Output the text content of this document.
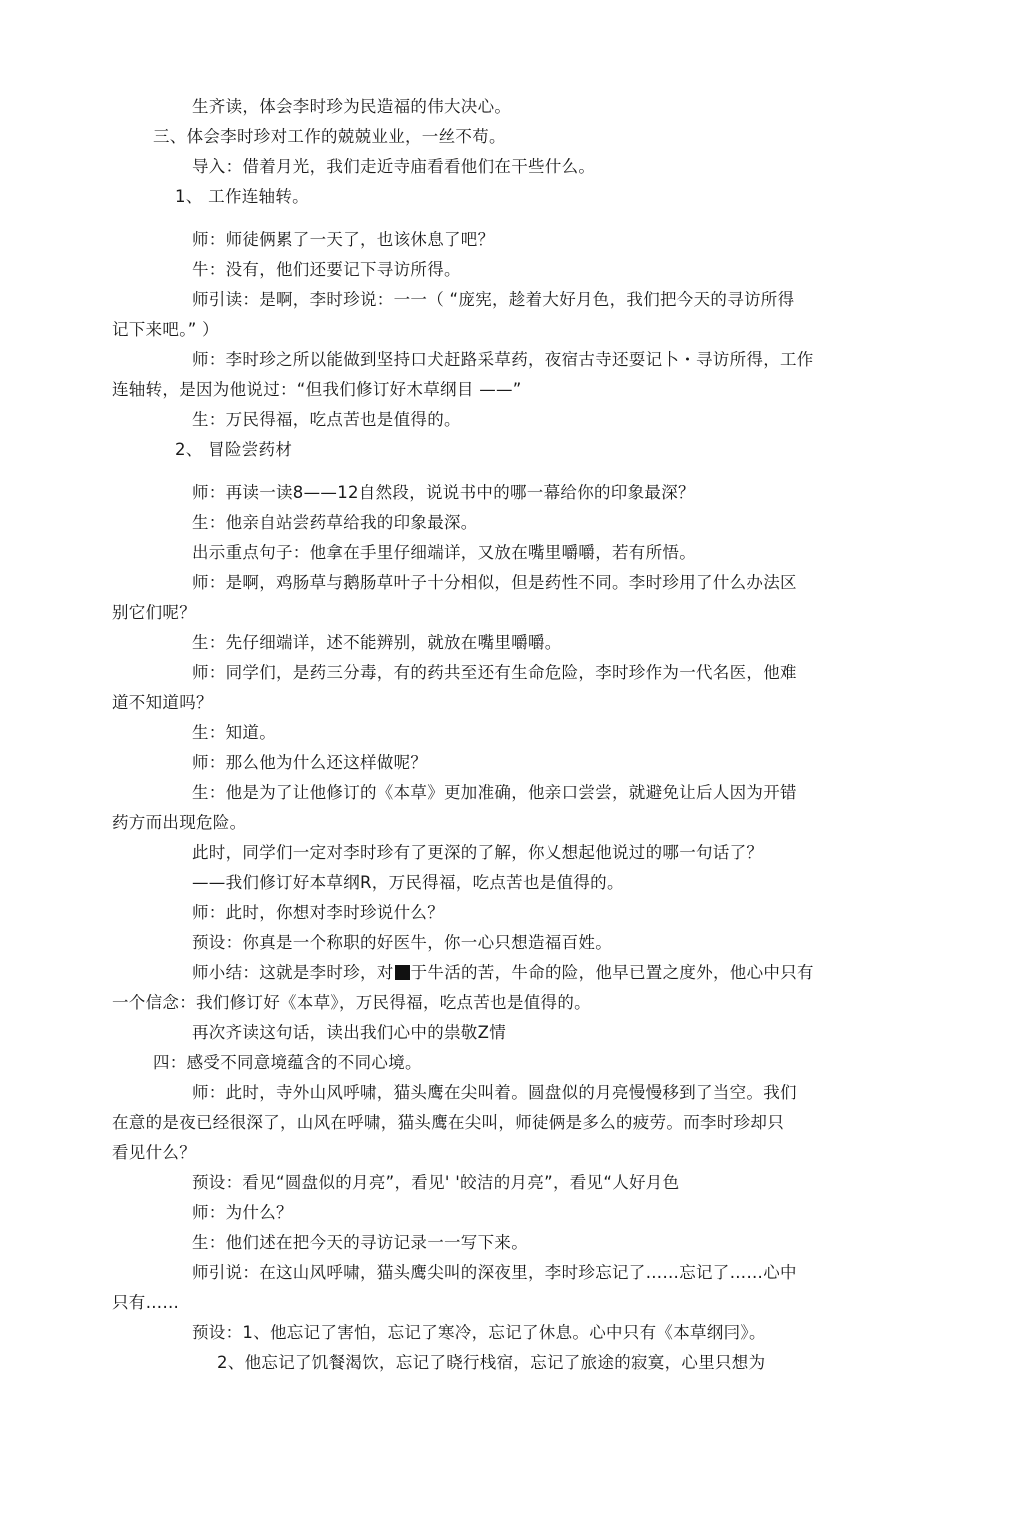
生齐读，体会李时珍为民造福的伟大决心。
三、体会李时珍对工作的兢兢业业，一丝不苟。
导入：借着月光，我们走近寺庙看看他们在干些什么。
1、 工作连轴转。
师：师徒俩累了一天了，也该休息了吧？
牛：没有，他们还要记下寻访所得。
师引读：是啊，李时珍说：一一（ “庞宪，趁着大好月色，我们把今天的寻访所得
记下来吧。” ）
师：李时珍之所以能做到坚持口犬赶路采草药，夜宿古寺还耍记卜・寻访所得，工作
连轴转，是因为他说过：“但我们修订好木草纲目 ——”
生：万民得福，吃点苦也是值得的。
2、 冒险尝药材
师：再读一读8——12自然段，说说书中的哪一幕给你的印象最深？
生：他亲自站尝药草给我的印象最深。
出示重点句子：他拿在手里仔细端详，又放在嘴里嚼嚼，若有所悟。
师：是啊，鸡肠草与鹅肠草叶子十分相似，但是药性不同。李时珍用了什么办法区
别它们呢？
生：先仔细端详，述不能辨别，就放在嘴里嚼嚼。
师：同学们，是药三分毒，有的药共至还有生命危险，李时珍作为一代名医，他难
道不知道吗？
生：知道。
师：那么他为什么还这样做呢？
生：他是为了让他修订的《本草》更加准确，他亲口尝尝，就避免让后人因为开错
药方而出现危险。
此时，同学们一定对李时珍有了更深的了解，你乂想起他说过的哪一句话了？
——我们修订好本草纲R，万民得福，吃点苦也是值得的。
师：此时，你想对李时珍说什么？
预设：你真是一个称职的好医牛，你一心只想造福百姓。
师小结：这就是李时珍，对 于牛活的苦，牛命的险，他早已置之度外，他心中只有
一个信念：我们修订好《本草》，万民得福，吃点苦也是值得的。
再次齐读这句话，读出我们心中的祟敬Z情
四：感受不同意境蕴含的不同心境。
师：此时，寺外山风呼啸，猫头鹰在尖叫着。圆盘似的月亮慢慢移到了当空。我们
在意的是夜已经很深了，山风在呼啸，猫头鹰在尖叫，师徒俩是多么的疲劳。而李时珍却只
看见什么？
预设：看见“圆盘似的月亮”，看见' '皎洁的月亮”，看见“人好月色
师：为什么？
生：他们述在把今天的寻访记录一一写下来。
师引说：在这山风呼啸，猫头鹰尖叫的深夜里，李时珍忘记了……忘记了……心中
只有……
预设：1、他忘记了害怕，忘记了寒冷，忘记了休息。心中只有《本草纲冃》。
2、他忘记了饥餐渴饮，忘记了晓行栈宿，忘记了旅途的寂寞，心里只想为
